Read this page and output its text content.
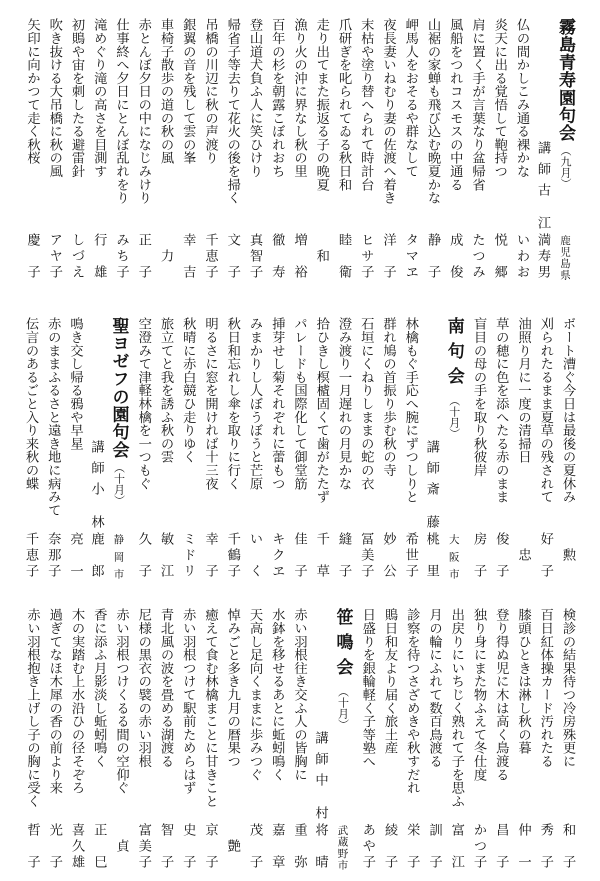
霧島青寿園句会
（九月）
鹿児島県
講師
古江
満寿男
仏の間かしこみ通る裸かな
いわお
炎天に出る覚悟して鞄持つ
悦郷
肩に置く手が言葉なり盆帰省
たつみ
風船をつれコスモスの中通る
成俊
山裾の家蝉も飛び込む晩夏かな
静子
岬馬人をおそるや群なして
タマヱ
夜長妻いねむり妻の佐渡へ着き
洋子
末枯や塗り替へられて時計台
ヒサ子
爪研ぎを叱られてゐる秋日和
睦衛
走り出てまた振返る子の晩夏
和
漁り火の沖に界なし秋の里
増裕
百年の杉を朝露こぼれおち
徹寿
登山道犬負ふ人に笑ひけり
真智子
帰省子等去りて花火の後を掃く
文子
吊橋の川辺に秋の声渡り
千恵子
銀翼の音を残して雲の峯
幸吉
車椅子散歩の道の秋の風
力
赤とんぼ夕日の中になじみけり
正子
仕事終へ夕日にとんぼ乱れをり
みち子
滝めぐり滝の高さを目測す
行雄
初鵙や宙を刺したる避雷針
しづえ
吹き抜ける大吊橋に秋の風
アヤ子
矢印に向かつて走く秋桜
慶子
ボート漕ぐ今日は最後の夏休み
勲
刈られたるまま夏草の残されて
好子
油照り月に一度の清掃日
忠
草の穂に色を添へたる赤のまま
俊子
盲目の母の手を取り秋彼岸
房子
南句会
（十月）
大阪市
講師
斎藤
桃里
林檎もぐ手応へ腕にずつしりと
希世子
群れ鳩の首振り歩む秋の寺
妙公
石垣にくねりしままの蛇の衣
冨美子
澄み渡り一月遅れの月見かな
縫子
拾ひきし榠樝固くて歯がたたず
千草
パレードも国際化して御堂筋
佳子
挿芽せし菊それぞれに蕾もつ
キクヱ
みまかりし人ぼうぼうと芒原
いく
秋日和忘れし傘を取りに行く
千鶴子
明るさに窓を開ければ十三夜
幸子
秋晴に赤白競ひ走りゆく
ミドリ
旅立てと我を誘ふ秋の雲
敏江
空澄みて津軽林檎を一つもぐ
久子
聖ヨゼフの園句会
（十月）
静岡市
講師
小林
鹿郎
鳴き交し帰る鴉や早星
亮一
赤のままふるさと遠き地に病みて
奈那子
伝言のあるごと入り来秋の蝶
千恵子
検診の結果待つ冷房殊更に
和子
百日紅体操カード汚れたる
秀子
膝頭ひときは淋し秋の暮
仲一
登り得ぬ児に木は高く鳥渡る
昌子
独り身にまた物ふえて冬仕度
かつ子
出戻りにいちじく熟れて子を思ふ
富江
月の輪にふれて数百鳥渡る
訓子
診察を待つさざめきや秋すだれ
栄子
鵙日和友より届く旅土産
綾子
日盛りを銀輪軽く子等塾へ
あや子
笹鳴会
（十月）
武蔵野市
講師
中村
将晴
赤い羽根往き交ふ人の皆胸に
重弥
水鉢を移せるあとに蚯蚓鳴く
嘉章
天高し足向くままに歩みつぐ
茂子
悼みごと多き九月の暦果つ
艶
癒えて食む林檎まことに甘きこと
京子
赤い羽根つけて駅前ためらはず
史子
青北風の波を畳める湖渡る
智子
尼様の黒衣の襞の赤い羽根
富美子
赤い羽根つけくるる間の空仰ぐ
貞
香に添ふ月影淡し蚯蚓鳴く
正巳
木の実踏む上水沿ひの径そぞろ
喜久雄
過ぎてなほ木犀の香の前より来
光子
赤い羽根抱き上げし子の胸に受く
哲子
